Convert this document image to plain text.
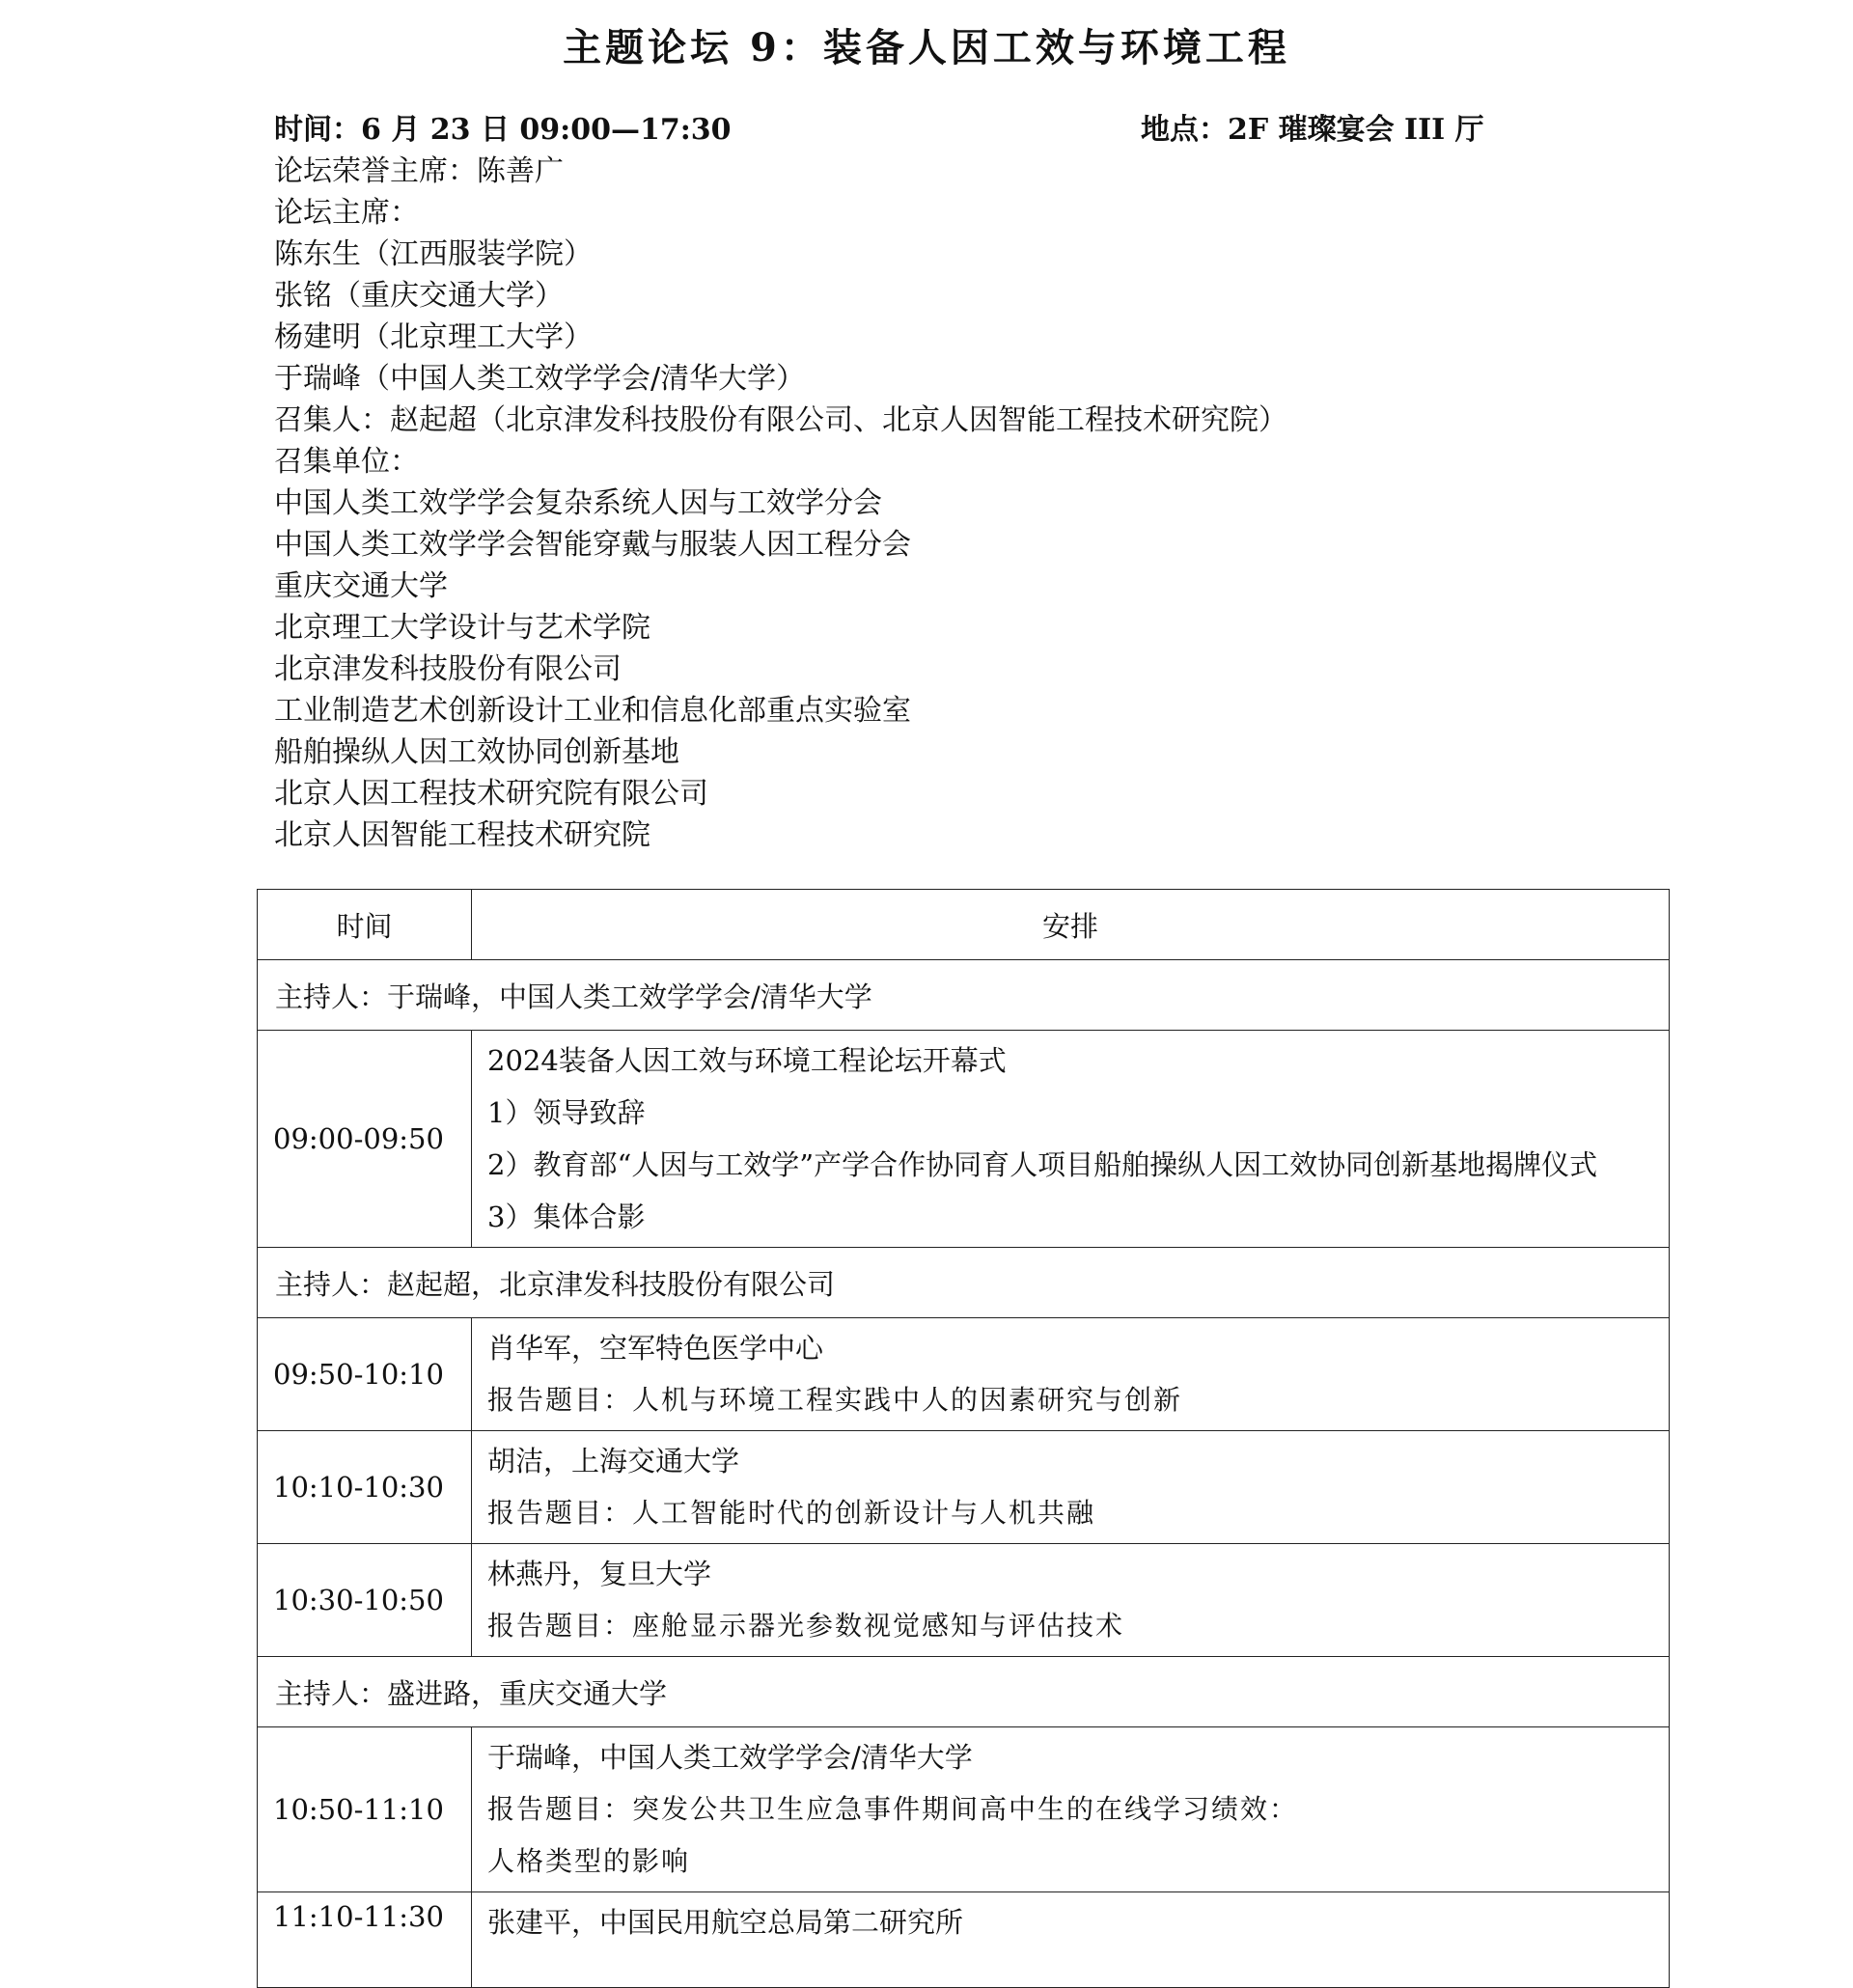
主题论坛 9：装备人因工效与环境工程
时间：6 月 23 日 09:00—17:30	地点：2F 璀璨宴会 III 厅
论坛荣誉主席：陈善广
论坛主席：
陈东生（江西服装学院）
张铭（重庆交通大学）
杨建明（北京理工大学）
于瑞峰（中国人类工效学学会/清华大学）
召集人：赵起超（北京津发科技股份有限公司、北京人因智能工程技术研究院）
召集单位：
中国人类工效学学会复杂系统人因与工效学分会
中国人类工效学学会智能穿戴与服装人因工程分会
重庆交通大学
北京理工大学设计与艺术学院
北京津发科技股份有限公司
工业制造艺术创新设计工业和信息化部重点实验室
船舶操纵人因工效协同创新基地
北京人因工程技术研究院有限公司
北京人因智能工程技术研究院
时间	安排
主持人：于瑞峰，中国人类工效学学会/清华大学	
09:00-09:50	2024装备人因工效与环境工程论坛开幕式
1）领导致辞
2）教育部“人因与工效学”产学合作协同育人项目船舶操纵人因工效协同创新基地揭牌仪式
3）集体合影

主持人：赵起超，北京津发科技股份有限公司	
09:50-10:10	肖华军，空军特色医学中心
报告题目：人机与环境工程实践中人的因素研究与创新

10:10-10:30	胡洁，上海交通大学
报告题目：人工智能时代的创新设计与人机共融

10:30-10:50	林燕丹，复旦大学
报告题目：座舱显示器光参数视觉感知与评估技术

主持人：盛进路，重庆交通大学	
10:50-11:10	于瑞峰，中国人类工效学学会/清华大学
报告题目：突发公共卫生应急事件期间高中生的在线学习绩效：
人格类型的影响

11:10-11:30	张建平，中国民用航空总局第二研究所
